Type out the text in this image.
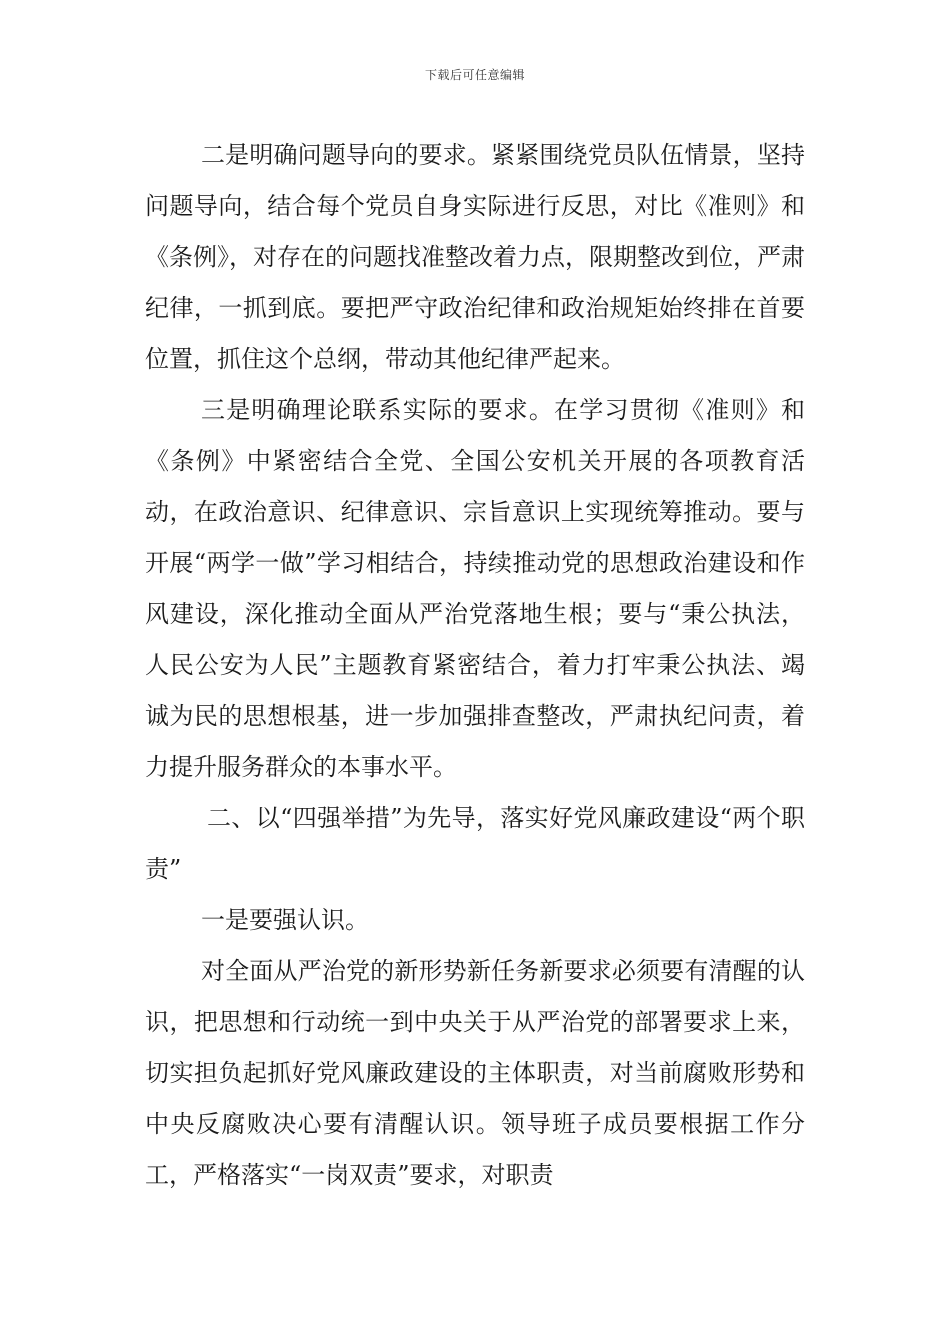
下载后可任意编辑

二是明确问题导向的要求。紧紧围绕党员队伍情景，坚持问题导向，结合每个党员自身实际进行反思，对比《准则》和《条例》，对存在的问题找准整改着力点，限期整改到位，严肃纪律，一抓到底。要把严守政治纪律和政治规矩始终排在首要位置，抓住这个总纲，带动其他纪律严起来。

三是明确理论联系实际的要求。在学习贯彻《准则》和《条例》中紧密结合全党、全国公安机关开展的各项教育活动，在政治意识、纪律意识、宗旨意识上实现统筹推动。要与开展“两学一做”学习相结合，持续推动党的思想政治建设和作风建设，深化推动全面从严治党落地生根；要与“秉公执法，人民公安为人民”主题教育紧密结合，着力打牢秉公执法、竭诚为民的思想根基，进一步加强排查整改，严肃执纪问责，着力提升服务群众的本事水平。

二、以“四强举措”为先导，落实好党风廉政建设“两个职责”

一是要强认识。

对全面从严治党的新形势新任务新要求必须要有清醒的认识，把思想和行动统一到中央关于从严治党的部署要求上来，切实担负起抓好党风廉政建设的主体职责，对当前腐败形势和中央反腐败决心要有清醒认识。领导班子成员要根据工作分工，严格落实“一岗双责”要求，对职责
